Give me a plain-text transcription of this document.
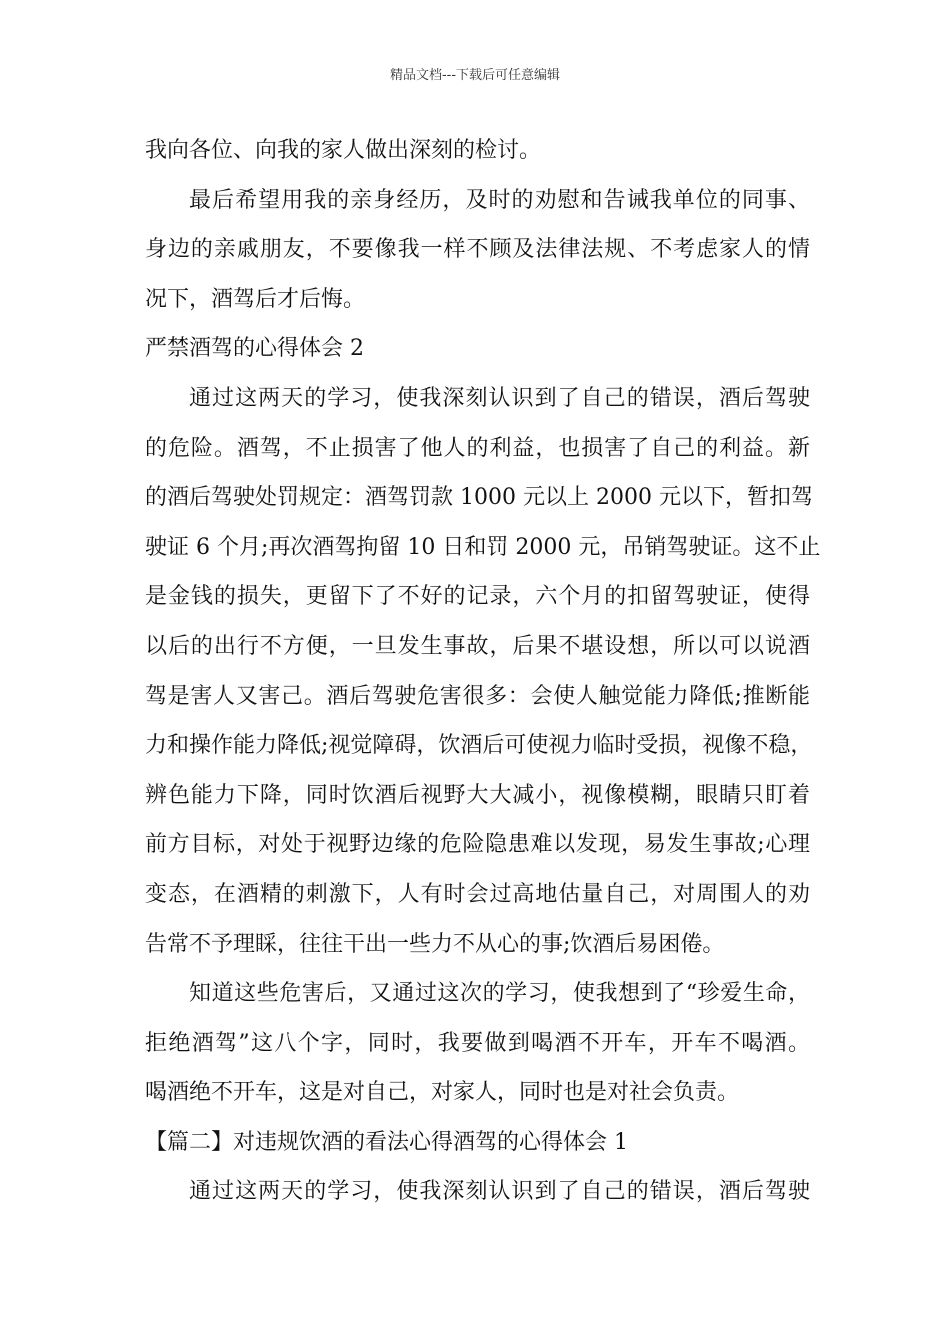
精品文档---下载后可任意编辑
我向各位、向我的家人做出深刻的检讨。
最后希望用我的亲身经历，及时的劝慰和告诫我单位的同事、
身边的亲戚朋友，不要像我一样不顾及法律法规、不考虑家人的情
况下，酒驾后才后悔。
严禁酒驾的心得体会 2
通过这两天的学习，使我深刻认识到了自己的错误，酒后驾驶
的危险。酒驾，不止损害了他人的利益，也损害了自己的利益。新
的酒后驾驶处罚规定：酒驾罚款 1000 元以上 2000 元以下，暂扣驾
驶证 6 个月;再次酒驾拘留 10 日和罚 2000 元，吊销驾驶证。这不止
是金钱的损失，更留下了不好的记录，六个月的扣留驾驶证，使得
以后的出行不方便，一旦发生事故，后果不堪设想，所以可以说酒
驾是害人又害己。酒后驾驶危害很多：会使人触觉能力降低;推断能
力和操作能力降低;视觉障碍，饮酒后可使视力临时受损，视像不稳，
辨色能力下降，同时饮酒后视野大大减小，视像模糊，眼睛只盯着
前方目标，对处于视野边缘的危险隐患难以发现，易发生事故;心理
变态，在酒精的刺激下，人有时会过高地估量自己，对周围人的劝
告常不予理睬，往往干出一些力不从心的事;饮酒后易困倦。
知道这些危害后，又通过这次的学习，使我想到了“珍爱生命，
拒绝酒驾”这八个字，同时，我要做到喝酒不开车，开车不喝酒。
喝酒绝不开车，这是对自己，对家人，同时也是对社会负责。
【篇二】对违规饮酒的看法心得酒驾的心得体会 1
通过这两天的学习，使我深刻认识到了自己的错误，酒后驾驶
